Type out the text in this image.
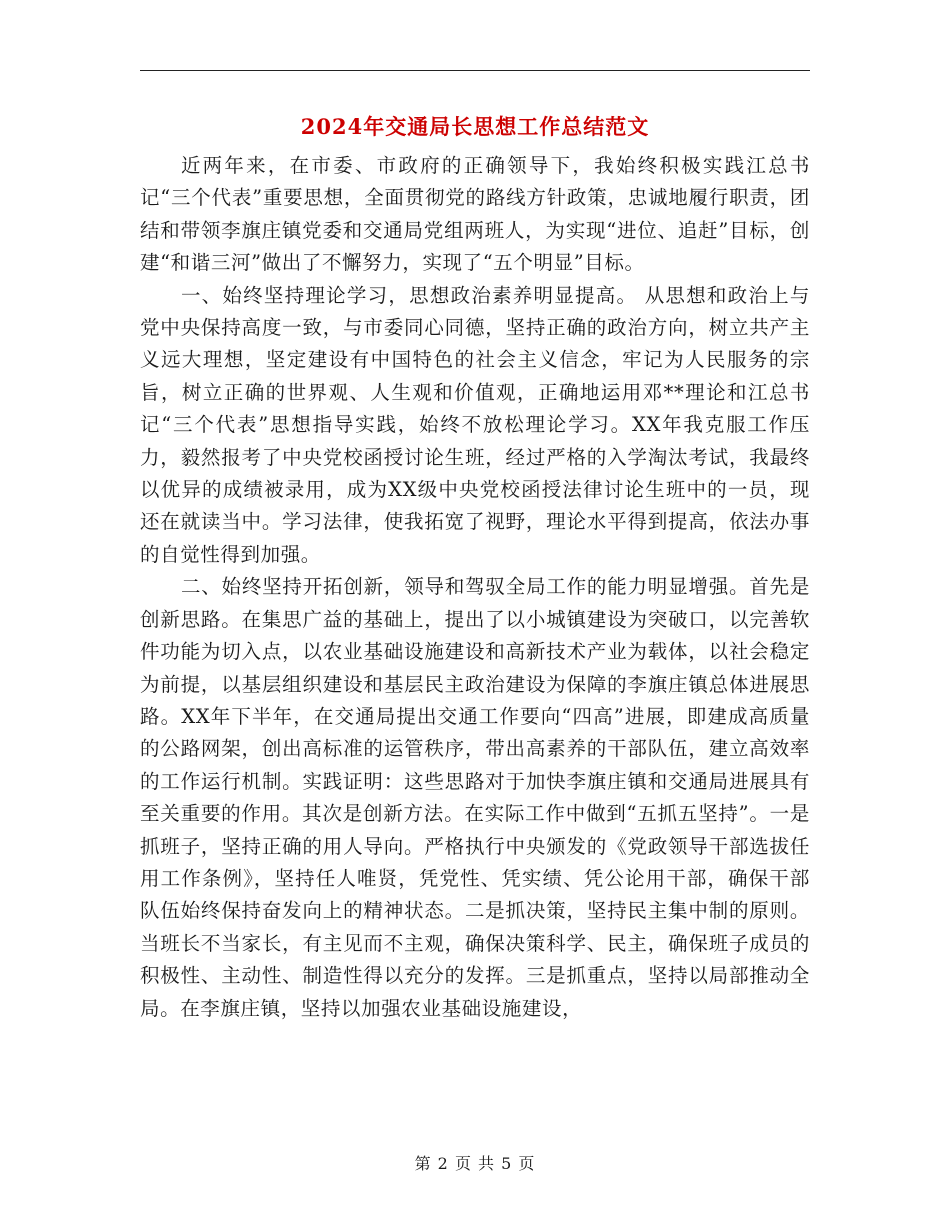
2024年交通局长思想工作总结范文

近两年来，在市委、市政府的正确领导下，我始终积极实践江总书记“三个代表”重要思想，全面贯彻党的路线方针政策，忠诚地履行职责，团结和带领李旗庄镇党委和交通局党组两班人，为实现“进位、追赶”目标，创建“和谐三河”做出了不懈努力，实现了“五个明显”目标。

一、始终坚持理论学习，思想政治素养明显提高。 从思想和政治上与党中央保持高度一致，与市委同心同德，坚持正确的政治方向，树立共产主义远大理想，坚定建设有中国特色的社会主义信念，牢记为人民服务的宗旨，树立正确的世界观、人生观和价值观，正确地运用邓**理论和江总书记“三个代表”思想指导实践，始终不放松理论学习。XX年我克服工作压力，毅然报考了中央党校函授讨论生班，经过严格的入学淘汰考试，我最终以优异的成绩被录用，成为XX级中央党校函授法律讨论生班中的一员，现还在就读当中。学习法律，使我拓宽了视野，理论水平得到提高，依法办事的自觉性得到加强。

二、始终坚持开拓创新，领导和驾驭全局工作的能力明显增强。首先是创新思路。在集思广益的基础上，提出了以小城镇建设为突破口，以完善软件功能为切入点，以农业基础设施建设和高新技术产业为载体，以社会稳定为前提，以基层组织建设和基层民主政治建设为保障的李旗庄镇总体进展思路。XX年下半年，在交通局提出交通工作要向“四高”进展，即建成高质量的公路网架，创出高标准的运管秩序，带出高素养的干部队伍，建立高效率的工作运行机制。实践证明：这些思路对于加快李旗庄镇和交通局进展具有至关重要的作用。其次是创新方法。在实际工作中做到“五抓五坚持”。一是抓班子，坚持正确的用人导向。严格执行中央颁发的《党政领导干部选拔任用工作条例》，坚持任人唯贤，凭党性、凭实绩、凭公论用干部，确保干部队伍始终保持奋发向上的精神状态。二是抓决策，坚持民主集中制的原则。当班长不当家长，有主见而不主观，确保决策科学、民主，确保班子成员的积极性、主动性、制造性得以充分的发挥。三是抓重点，坚持以局部推动全局。在李旗庄镇，坚持以加强农业基础设施建设，

第 2 页 共 5 页
